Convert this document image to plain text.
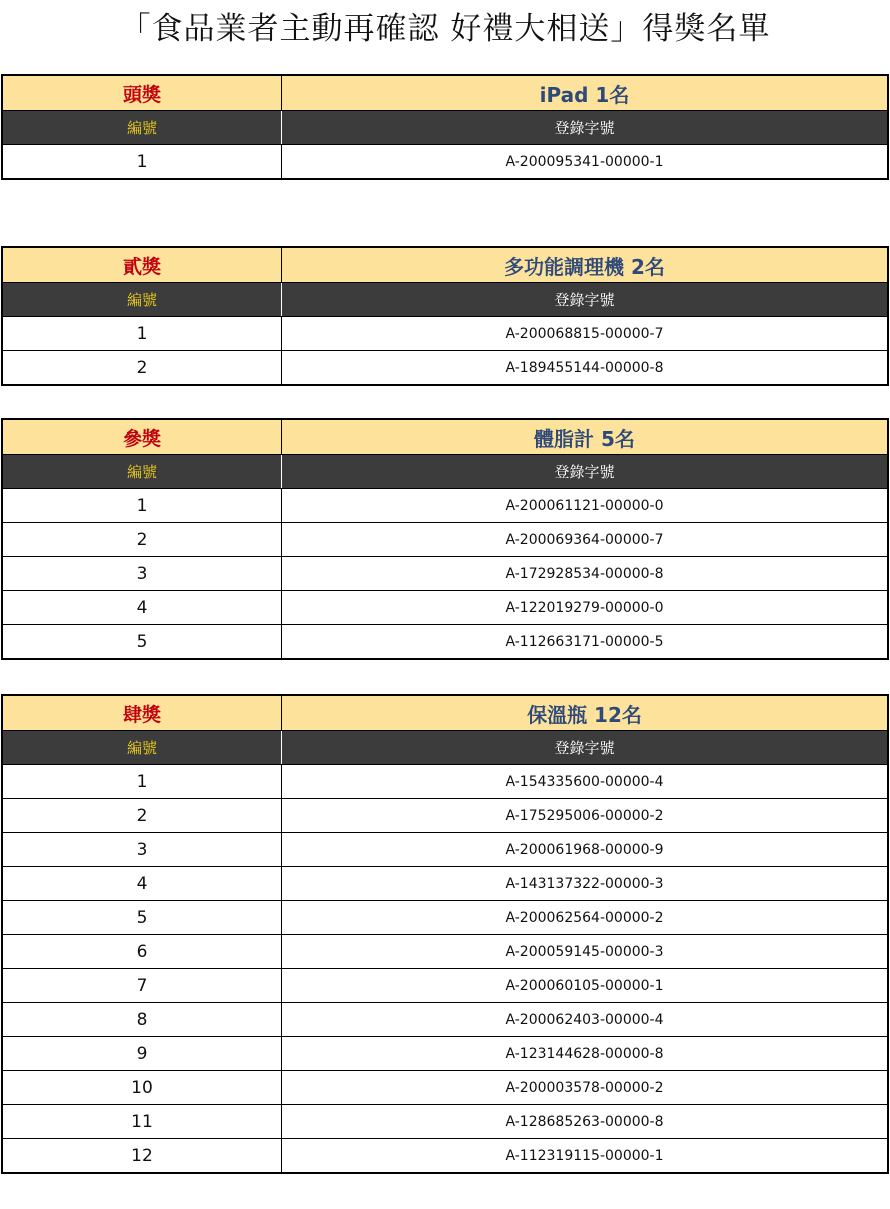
「食品業者主動再確認 好禮大相送」得獎名單
頭獎	iPad 1名
編號	登錄字號
1	A-200095341-00000-1
貳獎	多功能調理機 2名
編號	登錄字號
1	A-200068815-00000-7
2	A-189455144-00000-8
參獎	體脂計 5名
編號	登錄字號
1	A-200061121-00000-0
2	A-200069364-00000-7
3	A-172928534-00000-8
4	A-122019279-00000-0
5	A-112663171-00000-5
肆獎	保溫瓶 12名
編號	登錄字號
1	A-154335600-00000-4
2	A-175295006-00000-2
3	A-200061968-00000-9
4	A-143137322-00000-3
5	A-200062564-00000-2
6	A-200059145-00000-3
7	A-200060105-00000-1
8	A-200062403-00000-4
9	A-123144628-00000-8
10	A-200003578-00000-2
11	A-128685263-00000-8
12	A-112319115-00000-1
